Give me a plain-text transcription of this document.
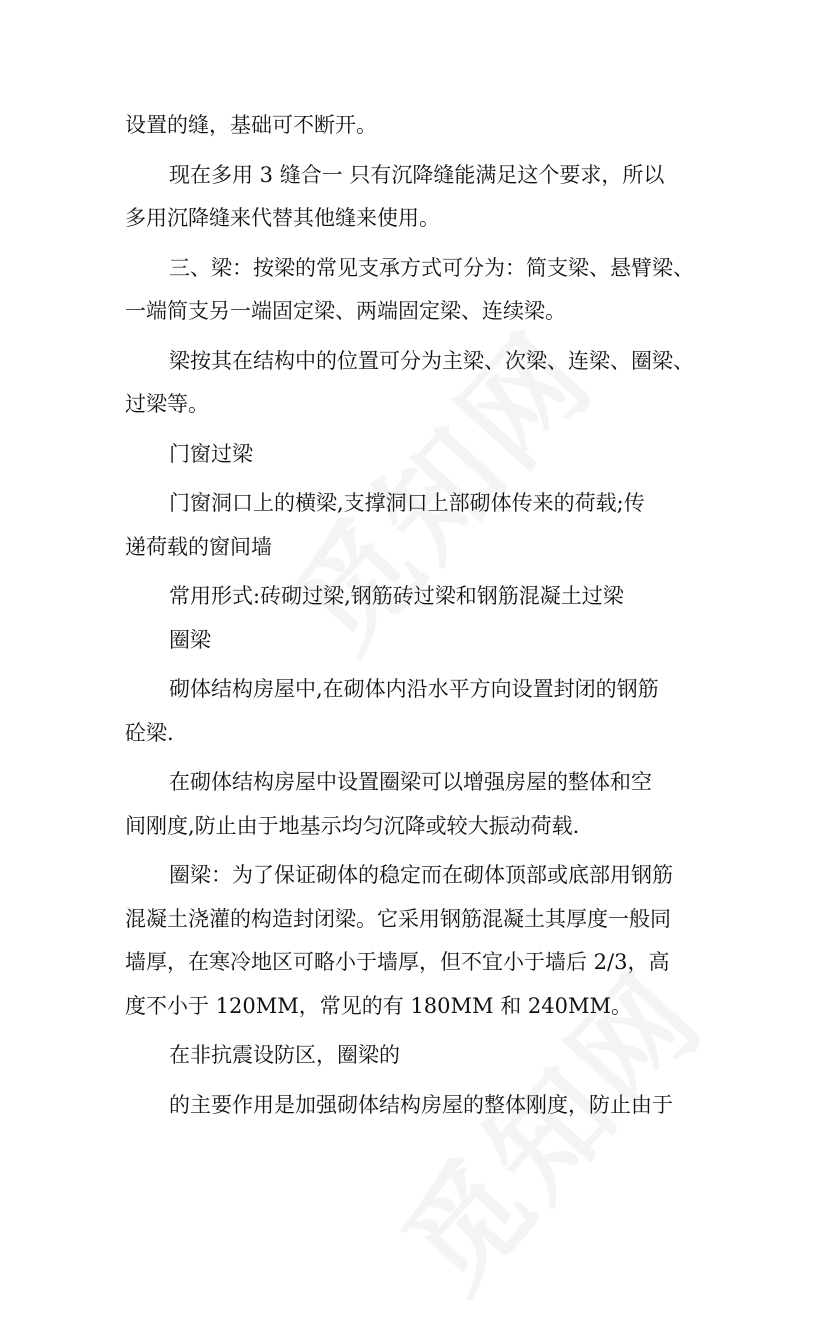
设置的缝，基础可不断开。
现在多用 3 缝合一 只有沉降缝能满足这个要求，所以
多用沉降缝来代替其他缝来使用。
三、梁：按梁的常见支承方式可分为：简支梁、悬臂梁、
一端简支另一端固定梁、两端固定梁、连续梁。
梁按其在结构中的位置可分为主梁、次梁、连梁、圈梁、
过梁等。
门窗过梁
门窗洞口上的横梁,支撑洞口上部砌体传来的荷载;传
递荷载的窗间墙
常用形式:砖砌过梁,钢筋砖过梁和钢筋混凝土过梁
圈梁
砌体结构房屋中,在砌体内沿水平方向设置封闭的钢筋
砼梁.
在砌体结构房屋中设置圈梁可以增强房屋的整体和空
间刚度,防止由于地基示均匀沉降或较大振动荷载.
圈梁：为了保证砌体的稳定而在砌体顶部或底部用钢筋
混凝土浇灌的构造封闭梁。它采用钢筋混凝土其厚度一般同
墙厚，在寒冷地区可略小于墙厚，但不宜小于墙后 2/3，高
度不小于 120MM，常见的有 180MM 和 240MM。
在非抗震设防区，圈梁的
的主要作用是加强砌体结构房屋的整体刚度，防止由于
